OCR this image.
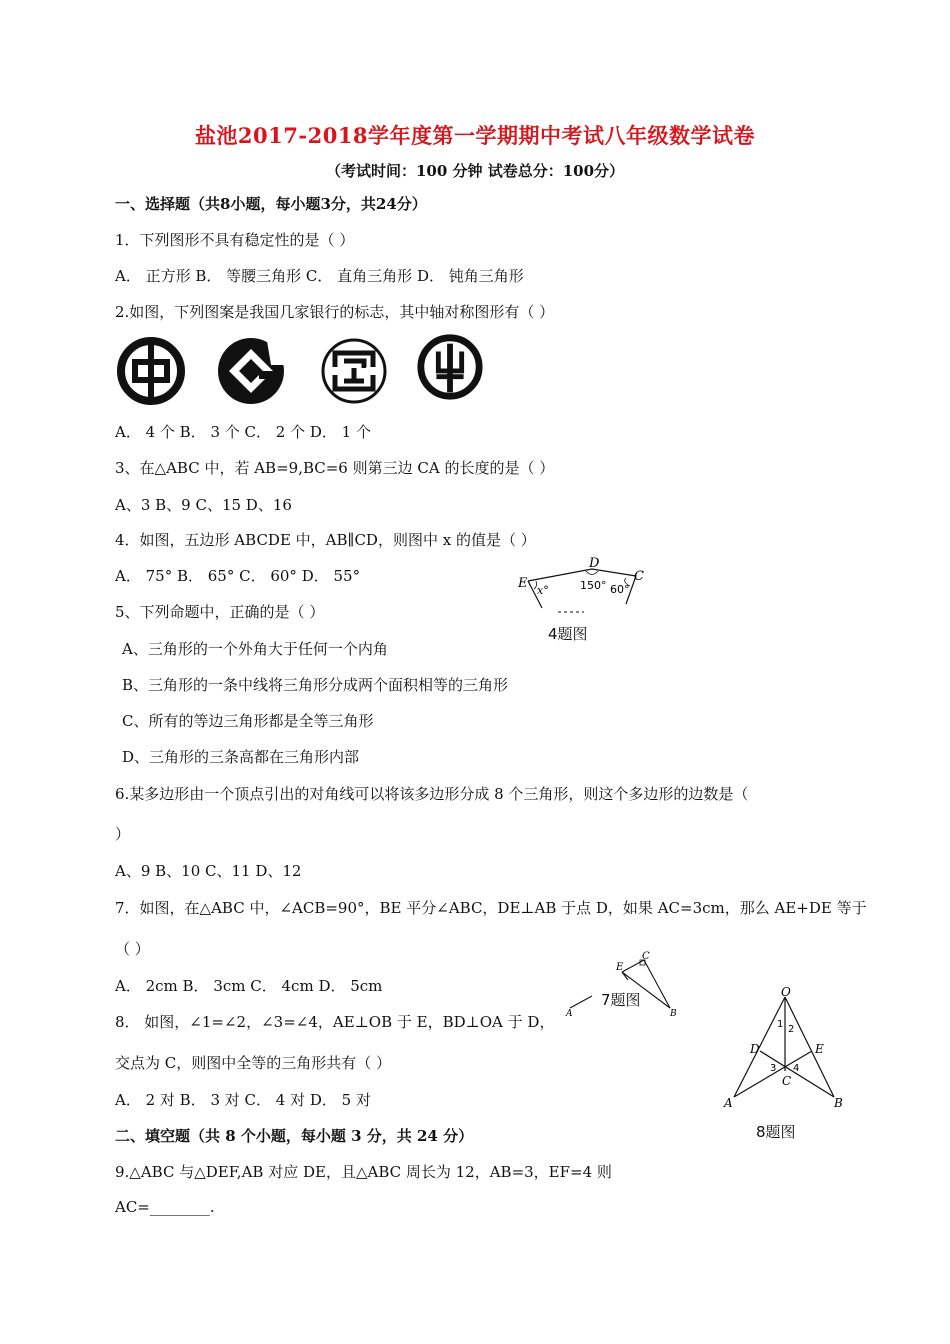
盐池2017-2018学年度第一学期期中考试八年级数学试卷
（考试时间：100 分钟 试卷总分：100分）
一、选择题（共8小题，每小题3分，共24分）
1．下列图形不具有稳定性的是（ ）
A． 正方形 B． 等腰三角形 C． 直角三角形 D． 钝角三角形
2.如图，下列图案是我国几家银行的标志，其中轴对称图形有（ ）
A． 4 个 B． 3 个 C． 2 个 D． 1 个
3、在△ABC 中，若 AB=9,BC=6 则第三边 CA 的长度的是（ ）
A、3 B、9 C、15 D、16
4．如图，五边形 ABCDE 中，AB∥CD，则图中 x 的值是（ ）
A． 75° B． 65° C． 60° D． 55°	E
D
C
x°	150° 60°
4题图
5、下列命题中，正确的是（ ）
A、三角形的一个外角大于任何一个内角
B、三角形的一条中线将三角形分成两个面积相等的三角形
C、所有的等边三角形都是全等三角形
D、三角形的三条高都在三角形内部
6.某多边形由一个顶点引出的对角线可以将该多边形分成 8 个三角形，则这个多边形的边数是（
）
A、9 B、10 C、11 D、12
7．如图，在△ABC 中，∠ACB=90°，BE 平分∠ABC，DE⊥AB 于点 D，如果 AC=3cm，那么 AE+DE 等于
（ ）
A． 2cm B． 3cm C． 4cm D． 5cm
C
E
A	B
7题图
8． 如图，∠1=∠2，∠3=∠4，AE⊥OB 于 E，BD⊥OA 于 D，
交点为 C，则图中全等的三角形共有（ ）
A． 2 对 B． 3 对 C． 4 对 D． 5 对
O
D	E
A	B
C
1 2
3 4
8题图
二、填空题（共 8 个小题，每小题 3 分，共 24 分）
9.△ABC 与△DEF,AB 对应 DE，且△ABC 周长为 12，AB=3，EF=4 则
AC=________.
